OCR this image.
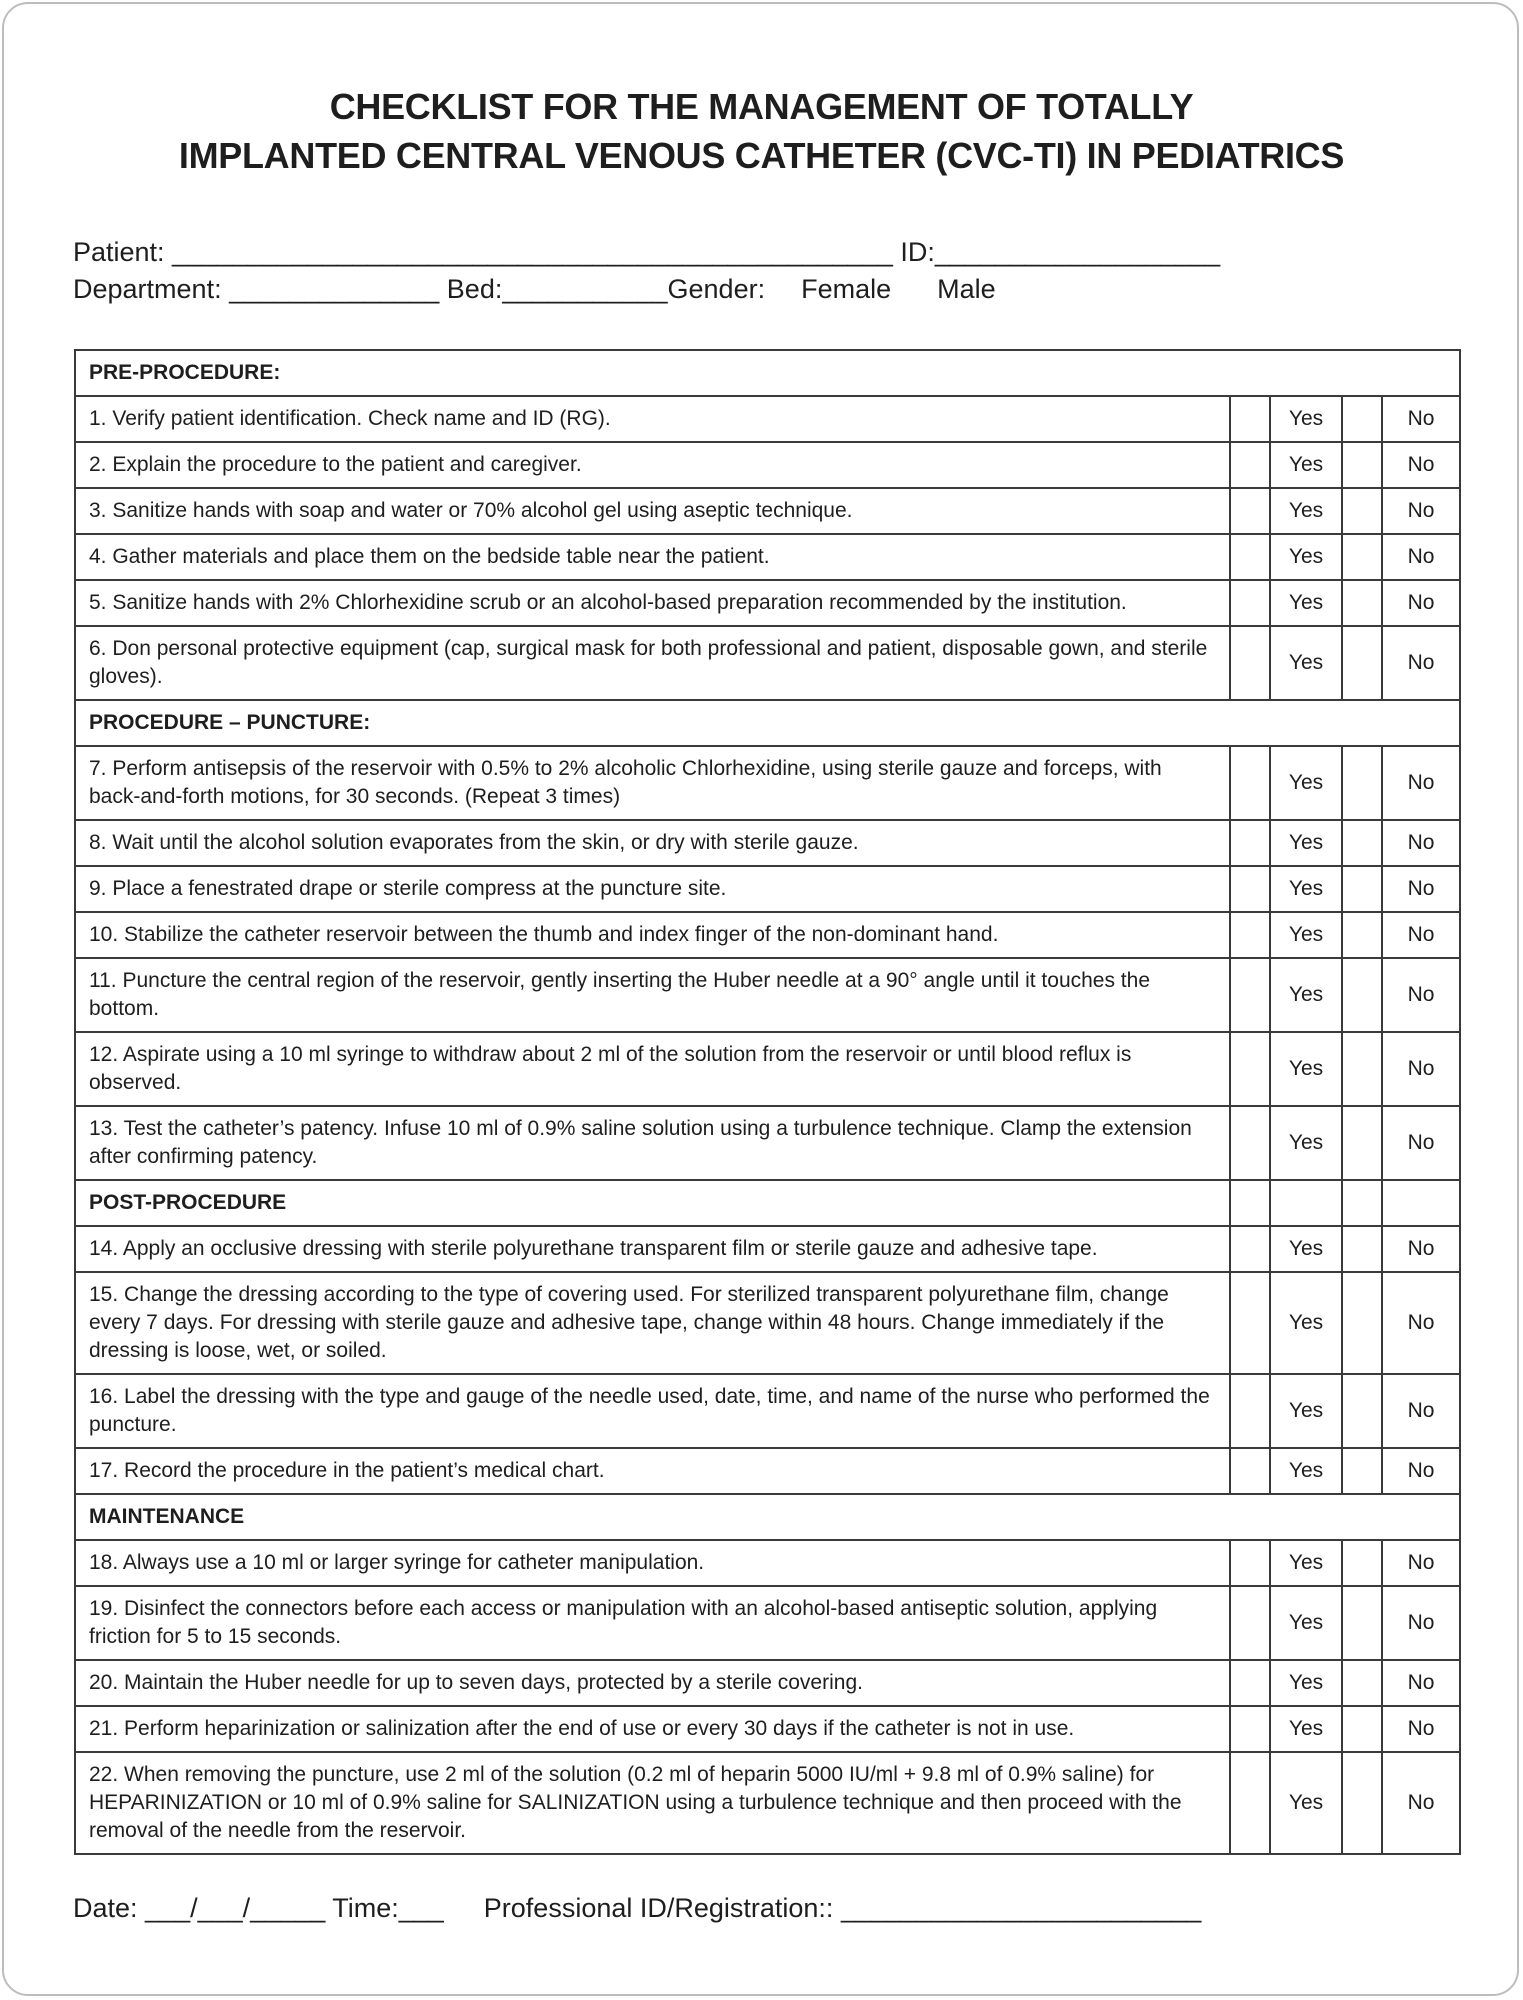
CHECKLIST FOR THE MANAGEMENT OF TOTALLY
IMPLANTED CENTRAL VENOUS CATHETER (CVC-TI) IN PEDIATRICS
Patient: ________________________________________________ ID:___________________
Department: ______________ Bed:___________Gender: Female Male
PRE-PROCEDURE:				
1. Verify patient identification. Check name and ID (RG).		Yes		No
2. Explain the procedure to the patient and caregiver.		Yes		No
3. Sanitize hands with soap and water or 70% alcohol gel using aseptic technique.		Yes		No
4. Gather materials and place them on the bedside table near the patient.		Yes		No
5. Sanitize hands with 2% Chlorhexidine scrub or an alcohol-based preparation recommended by the institution.		Yes		No
6. Don personal protective equipment (cap, surgical mask for both professional and patient, disposable gown, and sterile gloves).		Yes		No
PROCEDURE – PUNCTURE:				
7. Perform antisepsis of the reservoir with 0.5% to 2% alcoholic Chlorhexidine, using sterile gauze and forceps, with back-and-forth motions, for 30 seconds. (Repeat 3 times)		Yes		No
8. Wait until the alcohol solution evaporates from the skin, or dry with sterile gauze.		Yes		No
9. Place a fenestrated drape or sterile compress at the puncture site.		Yes		No
10. Stabilize the catheter reservoir between the thumb and index finger of the non-dominant hand.		Yes		No
11. Puncture the central region of the reservoir, gently inserting the Huber needle at a 90° angle until it touches the bottom.		Yes		No
12. Aspirate using a 10 ml syringe to withdraw about 2 ml of the solution from the reservoir or until blood reflux is observed.		Yes		No
13. Test the catheter’s patency. Infuse 10 ml of 0.9% saline solution using a turbulence technique. Clamp the extension after confirming patency.		Yes		No
POST-PROCEDURE				
14. Apply an occlusive dressing with sterile polyurethane transparent film or sterile gauze and adhesive tape.		Yes		No
15. Change the dressing according to the type of covering used. For sterilized transparent polyurethane film, change every 7 days. For dressing with sterile gauze and adhesive tape, change within 48 hours. Change immediately if the dressing is loose, wet, or soiled.		Yes		No
16. Label the dressing with the type and gauge of the needle used, date, time, and name of the nurse who performed the puncture.		Yes		No
17. Record the procedure in the patient’s medical chart.		Yes		No
MAINTENANCE				
18. Always use a 10 ml or larger syringe for catheter manipulation.		Yes		No
19. Disinfect the connectors before each access or manipulation with an alcohol-based antiseptic solution, applying friction for 5 to 15 seconds.		Yes		No
20. Maintain the Huber needle for up to seven days, protected by a sterile covering.		Yes		No
21. Perform heparinization or salinization after the end of use or every 30 days if the catheter is not in use.		Yes		No
22. When removing the puncture, use 2 ml of the solution (0.2 ml of heparin 5000 IU/ml + 9.8 ml of 0.9% saline) for HEPARINIZATION or 10 ml of 0.9% saline for SALINIZATION using a turbulence technique and then proceed with the removal of the needle from the reservoir.		Yes		No
Date: ___/___/_____ Time:___ Professional ID/Registration:: ________________________
